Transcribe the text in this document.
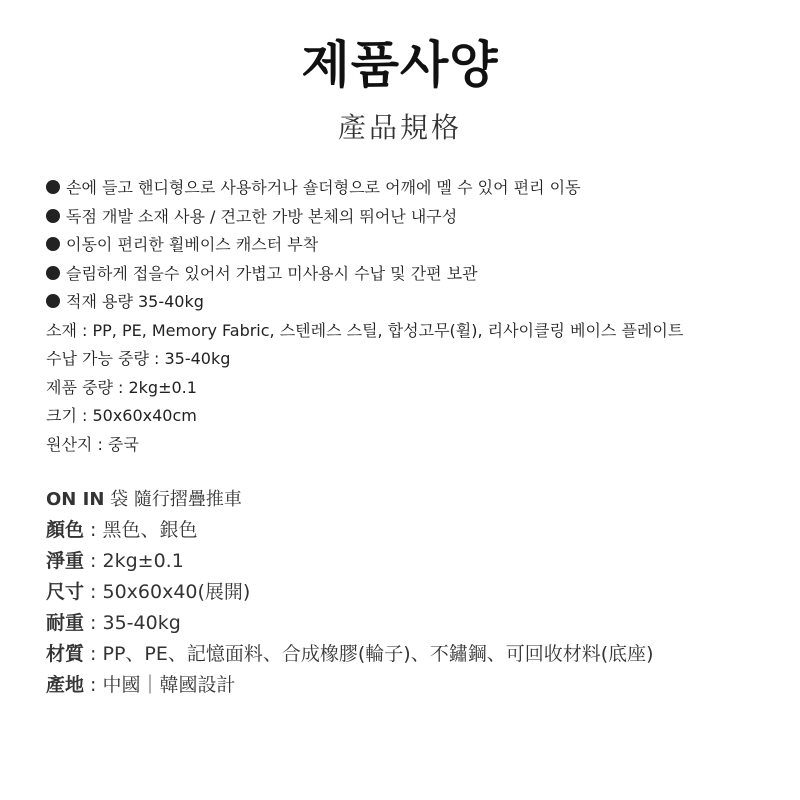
제품사양
產品規格
손에 들고 핸디형으로 사용하거나 숄더형으로 어깨에 멜 수 있어 편리 이동
독점 개발 소재 사용 / 견고한 가방 본체의 뛰어난 내구성
이동이 편리한 휠베이스 캐스터 부착
슬림하게 접을수 있어서 가볍고 미사용시 수납 및 간편 보관
적재 용량 35-40kg
소재 : PP, PE, Memory Fabric, 스텐레스 스틸, 합성고무(휠), 리사이클링 베이스 플레이트
수납 가능 중량 : 35-40kg
제품 중량 : 2kg±0.1
크기 : 50x60x40cm
원산지 : 중국
ON IN 袋 隨行摺疊推車
顏色 : 黑色、銀色
淨重 : 2kg±0.1
尺寸 : 50x60x40(展開)
耐重 : 35-40kg
材質 : PP、PE、記憶面料、合成橡膠(輪子)、不鏽鋼、可回收材料(底座)
產地 : 中國｜韓國設計
